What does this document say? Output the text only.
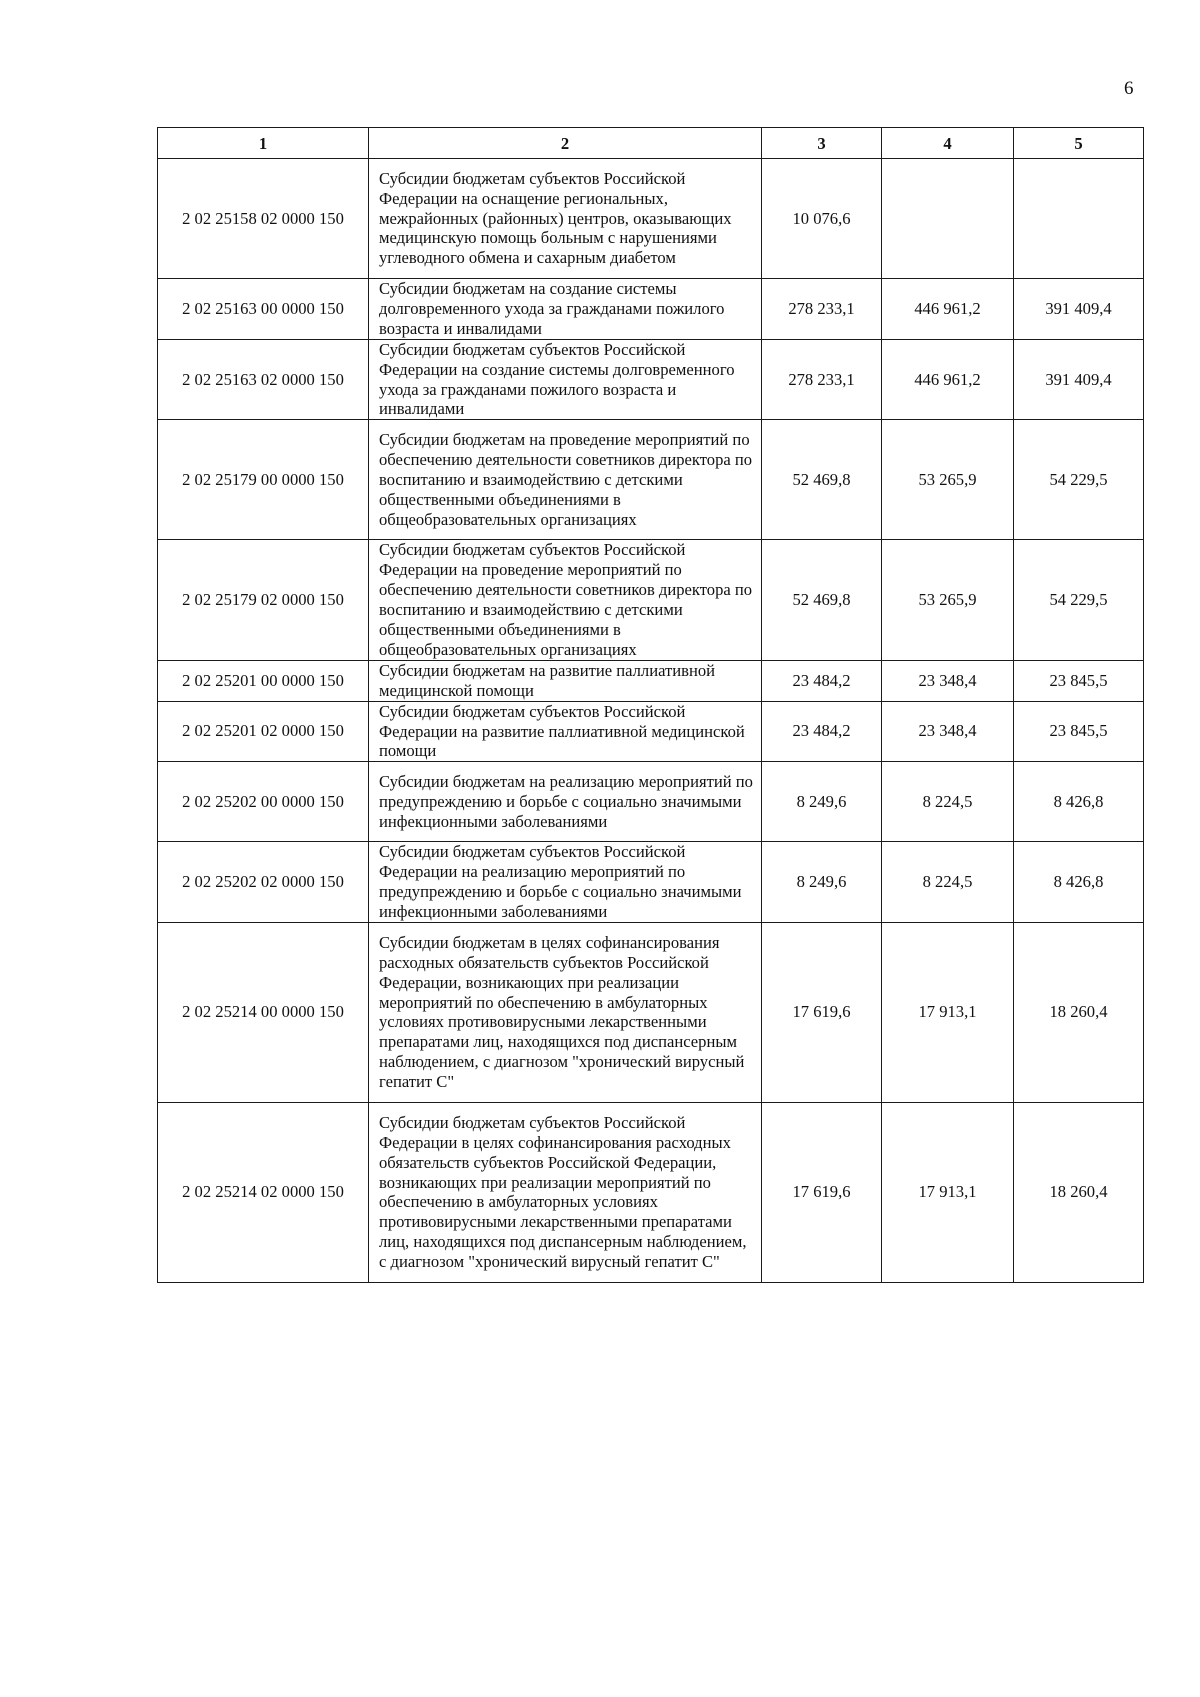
6
1	2	3	4	5
2 02 25158 02 0000 150	Субсидии бюджетам субъектов Российской Федерации на оснащение региональных, межрайонных (районных) центров, оказывающих медицинскую помощь больным с нарушениями углеводного обмена и сахарным диабетом	10 076,6		
2 02 25163 00 0000 150	Субсидии бюджетам на создание системы долговременного ухода за гражданами пожилого возраста и инвалидами	278 233,1	446 961,2	391 409,4
2 02 25163 02 0000 150	Субсидии бюджетам субъектов Российской Федерации на создание системы долговременного ухода за гражданами пожилого возраста и инвалидами	278 233,1	446 961,2	391 409,4
2 02 25179 00 0000 150	Субсидии бюджетам на проведение мероприятий по обеспечению деятельности советников директора по воспитанию и взаимодействию с детскими общественными объединениями в общеобразовательных организациях	52 469,8	53 265,9	54 229,5
2 02 25179 02 0000 150	Субсидии бюджетам субъектов Российской Федерации на проведение мероприятий по обеспечению деятельности советников директора по воспитанию и взаимодействию с детскими общественными объединениями в общеобразовательных организациях	52 469,8	53 265,9	54 229,5
2 02 25201 00 0000 150	Субсидии бюджетам на развитие паллиативной медицинской помощи	23 484,2	23 348,4	23 845,5
2 02 25201 02 0000 150	Субсидии бюджетам субъектов Российской Федерации на развитие паллиативной медицинской помощи	23 484,2	23 348,4	23 845,5
2 02 25202 00 0000 150	Субсидии бюджетам на реализацию мероприятий по предупреждению и борьбе с социально значимыми инфекционными заболеваниями	8 249,6	8 224,5	8 426,8
2 02 25202 02 0000 150	Субсидии бюджетам субъектов Российской Федерации на реализацию мероприятий по предупреждению и борьбе с социально значимыми инфекционными заболеваниями	8 249,6	8 224,5	8 426,8
2 02 25214 00 0000 150	Субсидии бюджетам в целях софинансирования расходных обязательств субъектов Российской Федерации, возникающих при реализации мероприятий по обеспечению в амбулаторных условиях противовирусными лекарственными препаратами лиц, находящихся под диспансерным наблюдением, с диагнозом "хронический вирусный гепатит С"	17 619,6	17 913,1	18 260,4
2 02 25214 02 0000 150	Субсидии бюджетам субъектов Российской Федерации в целях софинансирования расходных обязательств субъектов Российской Федерации, возникающих при реализации мероприятий по обеспечению в амбулаторных условиях противовирусными лекарственными препаратами лиц, находящихся под диспансерным наблюдением, с диагнозом "хронический вирусный гепатит С"	17 619,6	17 913,1	18 260,4
